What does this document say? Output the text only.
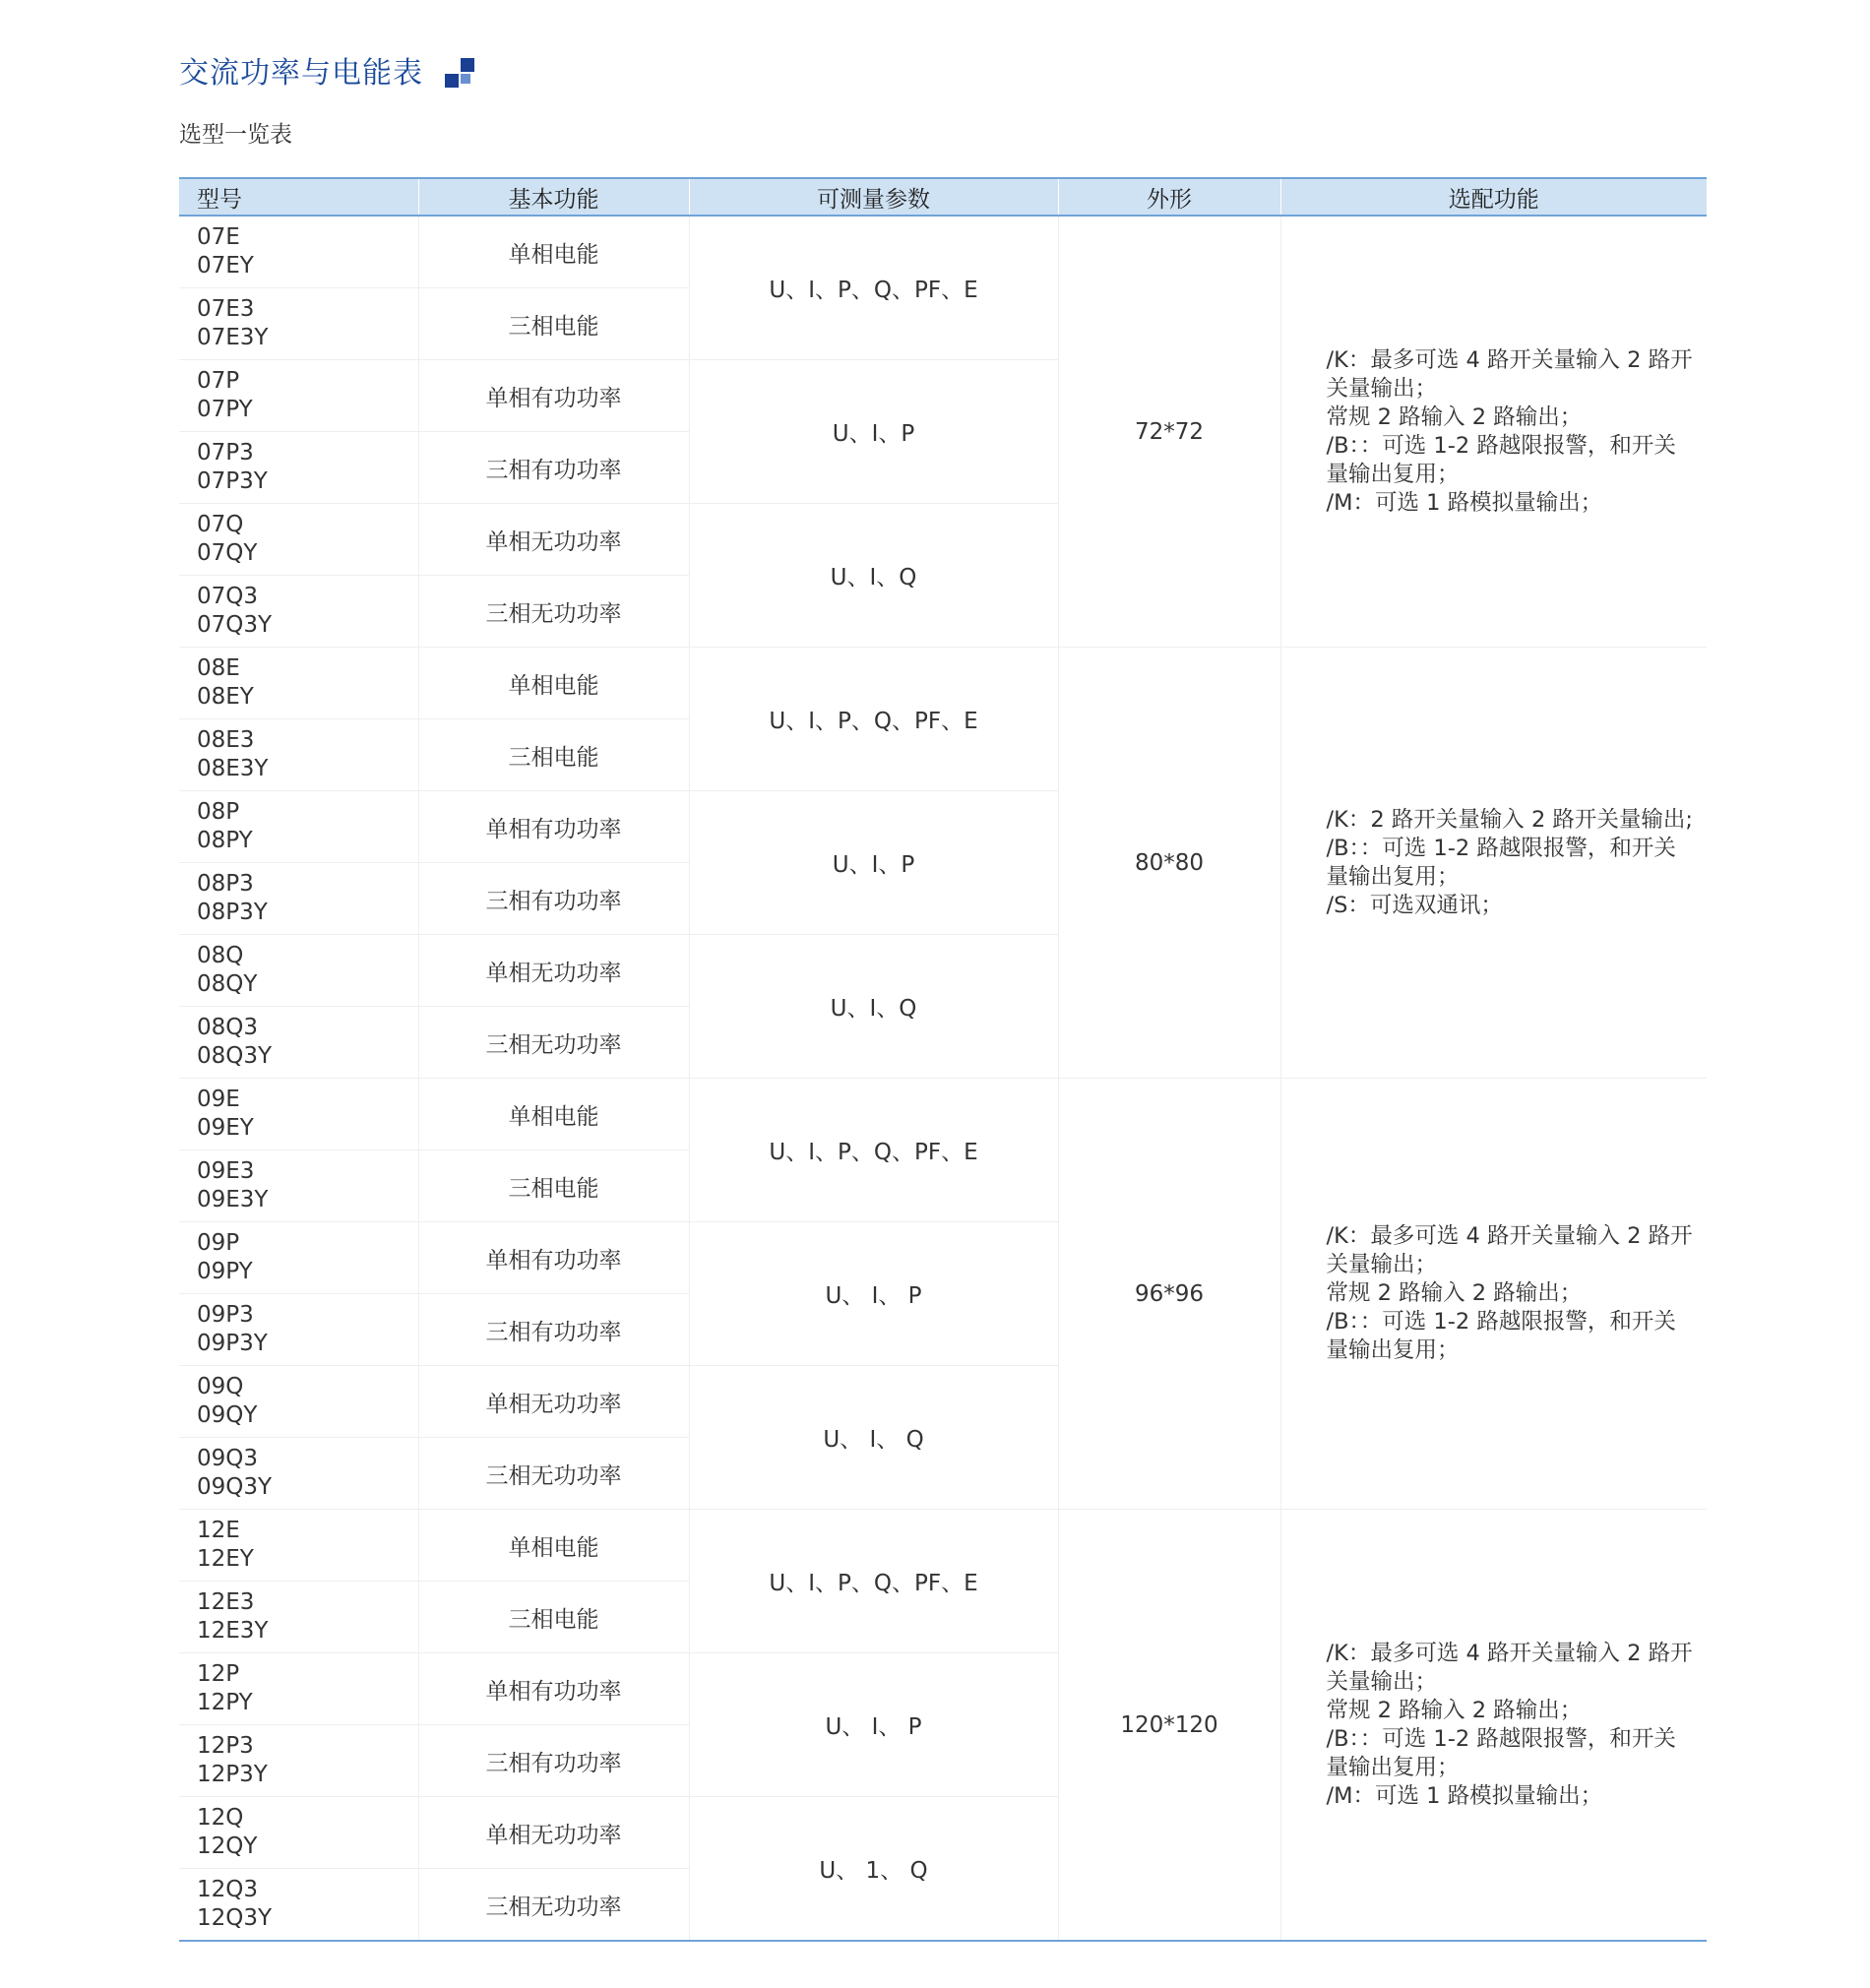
交流功率与电能表
选型一览表
型号	基本功能	可测量参数	外形	选配功能

07E
07EY	单相电能	U、I、P、Q、PF、E	72*72	/K：最多可选 4 路开关量输入 2 路开关量输出；
常规 2 路输入 2 路输出；
/B：：可选 1-2 路越限报警，和开关量输出复用；
/M：可选 1 路模拟量输出；

07E3
07E3Y	三相电能			

07P
07PY	单相有功功率	U、I、P		

07P3
07P3Y	三相有功功率			

07Q
07QY	单相无功功率	U、I、Q		

07Q3
07Q3Y	三相无功功率			

08E
08EY	单相电能	U、I、P、Q、PF、E	80*80	/K：2 路开关量输入 2 路开关量输出;
/B：：可选 1-2 路越限报警，和开关量输出复用；
/S：可选双通讯；

08E3
08E3Y	三相电能			

08P
08PY	单相有功功率	U、I、P		

08P3
08P3Y	三相有功功率			

08Q
08QY	单相无功功率	U、I、Q		

08Q3
08Q3Y	三相无功功率			

09E
09EY	单相电能	U、I、P、Q、PF、E	96*96	/K：最多可选 4 路开关量输入 2 路开关量输出；
常规 2 路输入 2 路输出；
/B：：可选 1-2 路越限报警，和开关量输出复用；

09E3
09E3Y	三相电能			

09P
09PY	单相有功功率	U、 I、 P		

09P3
09P3Y	三相有功功率			

09Q
09QY	单相无功功率	U、 I、 Q		

09Q3
09Q3Y	三相无功功率			

12E
12EY	单相电能	U、I、P、Q、PF、E	120*120	/K：最多可选 4 路开关量输入 2 路开关量输出；
常规 2 路输入 2 路输出；
/B：：可选 1-2 路越限报警，和开关量输出复用；
/M：可选 1 路模拟量输出；

12E3
12E3Y	三相电能			

12P
12PY	单相有功功率	U、 I、 P		

12P3
12P3Y	三相有功功率			

12Q
12QY	单相无功功率	U、 1、 Q		

12Q3
12Q3Y	三相无功功率			
